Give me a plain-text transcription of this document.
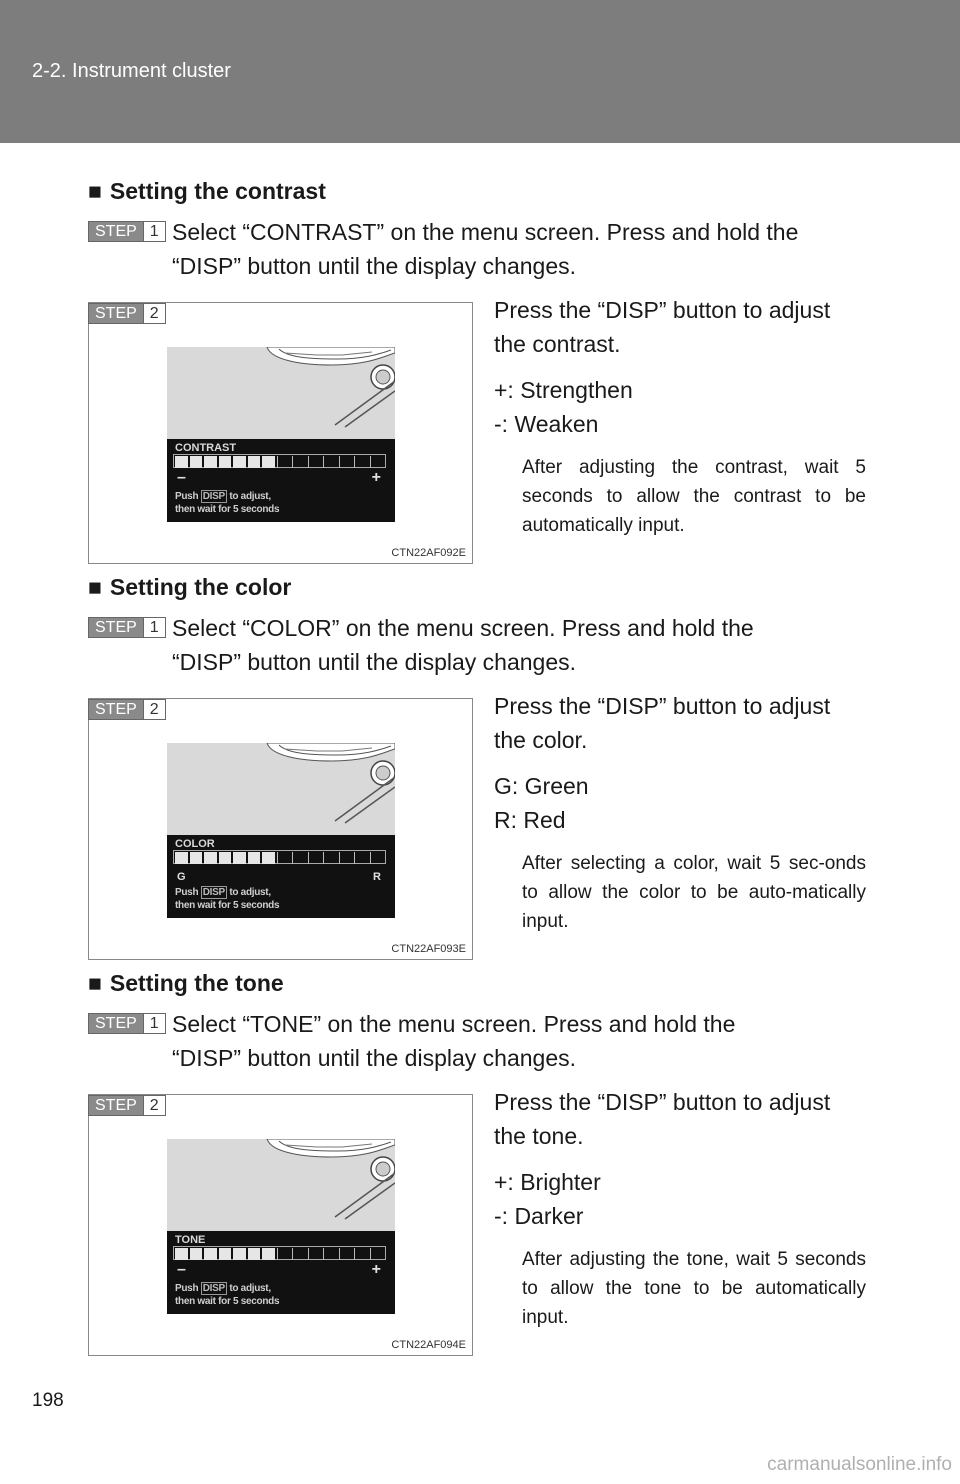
2-2. Instrument cluster
■ Setting the contrast
STEP 1 Select “CONTRAST” on the menu screen. Press and hold the
“DISP” button until the display changes.
STEP 2
CONTRAST
–	+
Push DISP to adjust,
then wait for 5 seconds
CTN22AF092E
Press the “DISP” button to adjust
the contrast.
+: Strengthen
-: Weaken
After adjusting the contrast, wait 5 seconds to allow the contrast to be automatically input.
■ Setting the color
STEP 1 Select “COLOR” on the menu screen. Press and hold the
“DISP” button until the display changes.
STEP 2
COLOR
G	R
Push DISP to adjust,
then wait for 5 seconds
CTN22AF093E
Press the “DISP” button to adjust
the color.
G: Green
R: Red
After selecting a color, wait 5 sec-onds to allow the color to be auto-matically input.
■ Setting the tone
STEP 1 Select “TONE” on the menu screen. Press and hold the
“DISP” button until the display changes.
STEP 2
TONE
–	+
Push DISP to adjust,
then wait for 5 seconds
CTN22AF094E
Press the “DISP” button to adjust
the tone.
+: Brighter
-: Darker
After adjusting the tone, wait 5 seconds to allow the tone to be automatically input.
198
carmanualsonline.info
